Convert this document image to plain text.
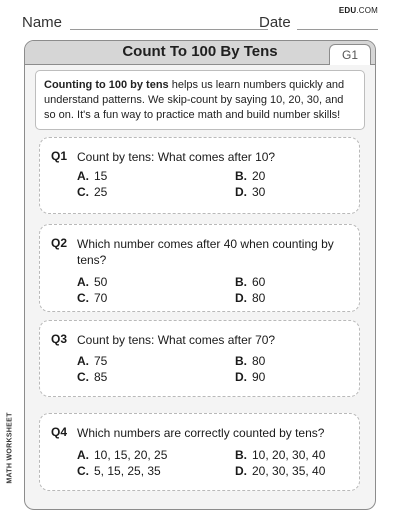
Name	Date
EDU.COM
Count To 100 By Tens	G1
Counting to 100 by tens helps us learn numbers quickly and understand patterns. We skip-count by saying 10, 20, 30, and so on. It's a fun way to practice math and build number skills!
Q1 Count by tens: What comes after 10?
A. 15	B. 20
C. 25	D. 30
Q2 Which number comes after 40 when counting by tens?
A. 50	B. 60
C. 70	D. 80
Q3 Count by tens: What comes after 70?
A. 75	B. 80
C. 85	D. 90
Q4 Which numbers are correctly counted by tens?
A. 10, 15, 20, 25	B. 10, 20, 30, 40
C. 5, 15, 25, 35	D. 20, 30, 35, 40
MATH WORKSHEET
